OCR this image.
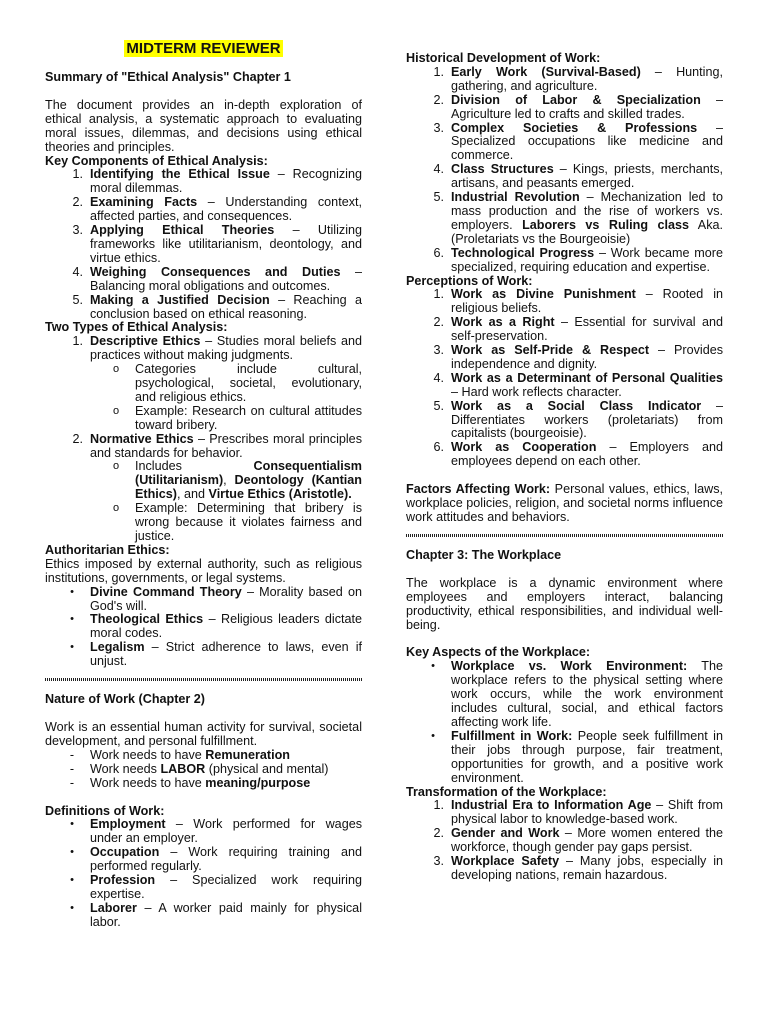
MIDTERM REVIEWER

Summary of "Ethical Analysis" Chapter 1

The document provides an in-depth exploration of ethical analysis, a systematic approach to evaluating moral issues, dilemmas, and decisions using ethical theories and principles.

Key Components of Ethical Analysis:

1. Identifying the Ethical Issue – Recognizing moral dilemmas.
2. Examining Facts – Understanding context, affected parties, and consequences.
3. Applying Ethical Theories – Utilizing frameworks like utilitarianism, deontology, and virtue ethics.
4. Weighing Consequences and Duties – Balancing moral obligations and outcomes.
5. Making a Justified Decision – Reaching a conclusion based on ethical reasoning.

Two Types of Ethical Analysis:

1. Descriptive Ethics – Studies moral beliefs and practices without making judgments.
o Categories include cultural, psychological, societal, evolutionary, and religious ethics.
o Example: Research on cultural attitudes toward bribery.
2. Normative Ethics – Prescribes moral principles and standards for behavior.
o Includes Consequentialism (Utilitarianism), Deontology (Kantian Ethics), and Virtue Ethics (Aristotle).
o Example: Determining that bribery is wrong because it violates fairness and justice.

Authoritarian Ethics:

Ethics imposed by external authority, such as religious institutions, governments, or legal systems.

• Divine Command Theory – Morality based on God's will.
• Theological Ethics – Religious leaders dictate moral codes.
• Legalism – Strict adherence to laws, even if unjust.

Nature of Work (Chapter 2)

Work is an essential human activity for survival, societal development, and personal fulfillment.

- Work needs to have Remuneration
- Work needs LABOR (physical and mental)
- Work needs to have meaning/purpose

Definitions of Work:

• Employment – Work performed for wages under an employer.
• Occupation – Work requiring training and performed regularly.
• Profession – Specialized work requiring expertise.
• Laborer – A worker paid mainly for physical labor.

Historical Development of Work:

1. Early Work (Survival-Based) – Hunting, gathering, and agriculture.
2. Division of Labor & Specialization – Agriculture led to crafts and skilled trades.
3. Complex Societies & Professions – Specialized occupations like medicine and commerce.
4. Class Structures – Kings, priests, merchants, artisans, and peasants emerged.
5. Industrial Revolution – Mechanization led to mass production and the rise of workers vs. employers. Laborers vs Ruling class Aka. (Proletariats vs the Bourgeoisie)
6. Technological Progress – Work became more specialized, requiring education and expertise.

Perceptions of Work:

1. Work as Divine Punishment – Rooted in religious beliefs.
2. Work as a Right – Essential for survival and self-preservation.
3. Work as Self-Pride & Respect – Provides independence and dignity.
4. Work as a Determinant of Personal Qualities – Hard work reflects character.
5. Work as a Social Class Indicator – Differentiates workers (proletariats) from capitalists (bourgeoisie).
6. Work as Cooperation – Employers and employees depend on each other.

Factors Affecting Work: Personal values, ethics, laws, workplace policies, religion, and societal norms influence work attitudes and behaviors.

Chapter 3: The Workplace

The workplace is a dynamic environment where employees and employers interact, balancing productivity, ethical responsibilities, and individual well-being.

Key Aspects of the Workplace:

• Workplace vs. Work Environment: The workplace refers to the physical setting where work occurs, while the work environment includes cultural, social, and ethical factors affecting work life.
• Fulfillment in Work: People seek fulfillment in their jobs through purpose, fair treatment, opportunities for growth, and a positive work environment.

Transformation of the Workplace:

1. Industrial Era to Information Age – Shift from physical labor to knowledge-based work.
2. Gender and Work – More women entered the workforce, though gender pay gaps persist.
3. Workplace Safety – Many jobs, especially in developing nations, remain hazardous.
